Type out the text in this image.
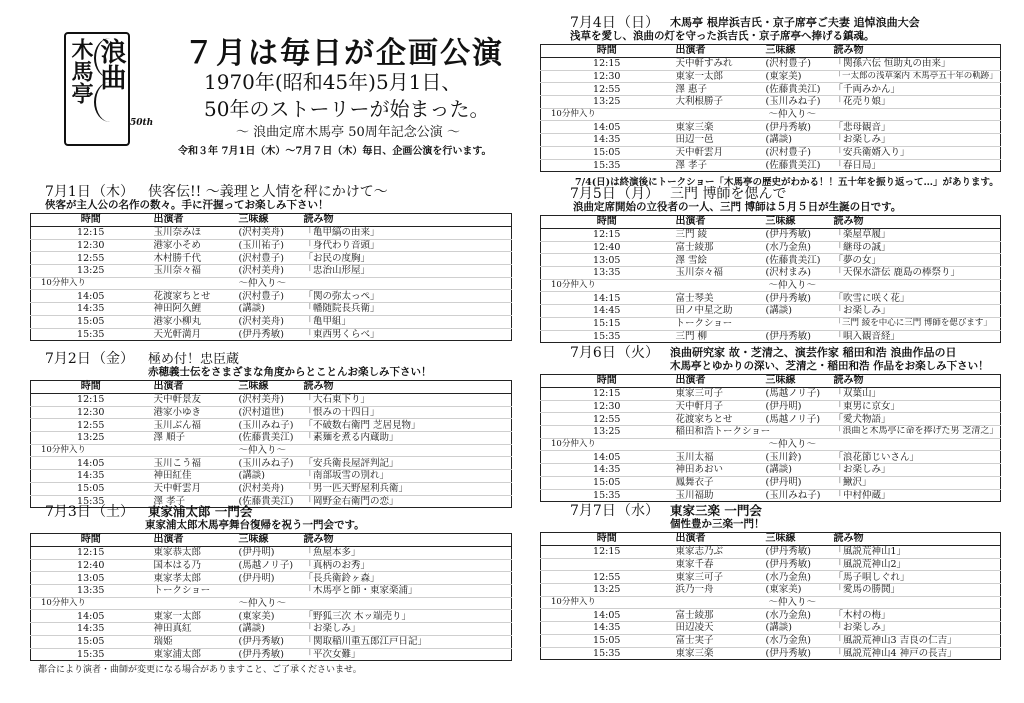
木馬亭 浪曲
50th
７月は毎日が企画公演
1970年(昭和45年)5月1日、
50年のストーリーが始まった。
～ 浪曲定席木馬亭 50周年記念公演 ～
令和３年 7月1日（木）～7月７日（木）毎日、企画公演を行います。
都合により演者・曲師が変更になる場合がありますこと、ご了承くださいませ。
7月1日 （木） 侠客伝!! ～義理と人情を秤にかけて～
侠客が主人公の名作の数々。手に汗握ってお楽しみ下さい！
時間	出演者	三味線	読み物
12:15	玉川奈みほ	(沢村美舟)	「亀甲縞の由来」
12:30	港家小そめ	(玉川祐子)	「身代わり音頭」
12:55	木村勝千代	(沢村豊子)	「お民の度胸」
13:25	玉川奈々福	(沢村美舟)	「忠治山形屋」
10分仲入り	～仲入り～		
14:05	花渡家ちとせ	(沢村豊子)	「関の弥太っぺ」
14:35	神田阿久鯉	(講談)	「幡随院長兵衛」
15:05	港家小柳丸	(沢村美舟)	「亀甲組」
15:35	天光軒満月	(伊丹秀敏)	「東西男くらべ」
7月2日 （金） 極め付！忠臣蔵
赤穂義士伝をさまざまな角度からとことんお楽しみ下さい！
時間	出演者	三味線	読み物
12:15	天中軒景友	(沢村美舟)	「大石東下り」
12:30	港家小ゆき	(沢村道世)	「恨みの十四日」
12:55	玉川ぶん福	(玉川みね子)	「不破数右衛門 芝居見物」
13:25	澤 順子	(佐藤貴美江)	「素麺を煮る内蔵助」
10分仲入り	～仲入り～		
14:05	玉川こう福	(玉川みね子)	「安兵衛長屋評判記」
14:35	神田紅佳	(講談)	「南部坂雪の別れ」
15:05	天中軒雲月	(沢村美舟)	「男一匹天野屋利兵衛」
15:35	澤 孝子	(佐藤貴美江)	「岡野金右衛門の恋」
7月3日 （土） 東家浦太郎 一門会
東家浦太郎木馬亭舞台復帰を祝う一門会です。
時間	出演者	三味線	読み物
12:15	東家恭太郎	(伊丹明)	「魚屋本多」
12:40	国本はる乃	(馬越ノリ子)	「真柄のお秀」
13:05	東家孝太郎	(伊丹明)	「長兵衛鈴ヶ森」
13:35	トークショー		「木馬亭と師・東家楽浦」
10分仲入り	～仲入り～		
14:05	東家一太郎	(東家美)	「野狐三次 木ッ端売り」
14:35	神田真紅	(講談)	「お楽しみ」
15:05	瑞姫	(伊丹秀敏)	「関取稲川重五郎江戸日記」
15:35	東家浦太郎	(伊丹秀敏)	「平次女難」
7月4日 （日） 木馬亭 根岸浜吉氏・京子席亭ご夫妻 追悼浪曲大会
浅草を愛し、浪曲の灯を守った浜吉氏・京子席亭へ捧げる鎮魂。
時間	出演者	三味線	読み物
12:15	天中軒すみれ	(沢村豊子)	「関孫六伝 恒助丸の由来」
12:30	東家一太郎	(東家美)	「一太郎の浅草案内 木馬亭五十年の軌跡」
12:55	澤 惠子	(佐藤貴美江)	「千両みかん」
13:25	大利根勝子	(玉川みね子)	「花売り娘」
10分仲入り	～仲入り～		
14:05	東家三楽	(伊丹秀敏)	「悲母観音」
14:35	田辺一邑	(講談)	「お楽しみ」
15:05	天中軒雲月	(沢村豊子)	「安兵衛婿入り」
15:35	澤 孝子	(佐藤貴美江)	「春日局」
7/4(日)は終演後にトークショー「木馬亭の歴史がわかる！！五十年を振り返って…」があります。
7月5日 （月） 三門 博師を偲んで
浪曲定席開始の立役者の一人、三門 博師は５月５日が生誕の日です。
時間	出演者	三味線	読み物
12:15	三門 綾	(伊丹秀敏)	「楽屋草履」
12:40	富士綾那	(水乃金魚)	「継母の誠」
13:05	澤 雪絵	(佐藤貴美江)	「夢の女」
13:35	玉川奈々福	(沢村まみ)	「天保水滸伝 鹿島の棒祭り」
10分仲入り	～仲入り～		
14:15	富士琴美	(伊丹秀敏)	「吹雪に咲く花」
14:45	田ノ中星之助	(講談)	「お楽しみ」
15:15	トークショー		「三門 綾を中心に三門 博師を偲びます」
15:35	三門 柳	(伊丹秀敏)	「唄入観音経」
7月6日 （火） 浪曲研究家 故・芝清之、演芸作家 稲田和浩 浪曲作品の日
木馬亭とゆかりの深い、芝清之・稲田和浩 作品をお楽しみ下さい！
時間	出演者	三味線	読み物
12:15	東家三可子	(馬越ノリ子)	「双葉山」
12:30	天中軒月子	(伊丹明)	「東男に京女」
12:55	花渡家ちとせ	(馬越ノリ子)	「愛犬物語」
13:25	稲田和浩トークショー		「浪曲と木馬亭に命を捧げた男 芝清之」
10分仲入り	～仲入り～		
14:05	玉川太福	(玉川鈴)	「浪花節じいさん」
14:35	神田あおい	(講談)	「お楽しみ」
15:05	鳳舞衣子	(伊丹明)	「鰍沢」
15:35	玉川福助	(玉川みね子)	「中村仲蔵」
7月7日 （水） 東家三楽 一門会
個性豊か三楽一門！
時間	出演者	三味線	読み物
12:15	東家志乃ぶ	(伊丹秀敏)	「風説荒神山1」
	東家千春	(伊丹秀敏)	「風説荒神山2」
12:55	東家三可子	(水乃金魚)	「馬子唄しぐれ」
13:25	浜乃一舟	(東家美)	「愛馬の勝鬨」
10分仲入り	～仲入り～		
14:05	富士綾那	(水乃金魚)	「木村の梅」
14:35	田辺凌天	(講談)	「お楽しみ」
15:05	富士実子	(水乃金魚)	「風説荒神山3 吉良の仁吉」
15:35	東家三楽	(伊丹秀敏)	「風説荒神山4 神戸の長吉」
